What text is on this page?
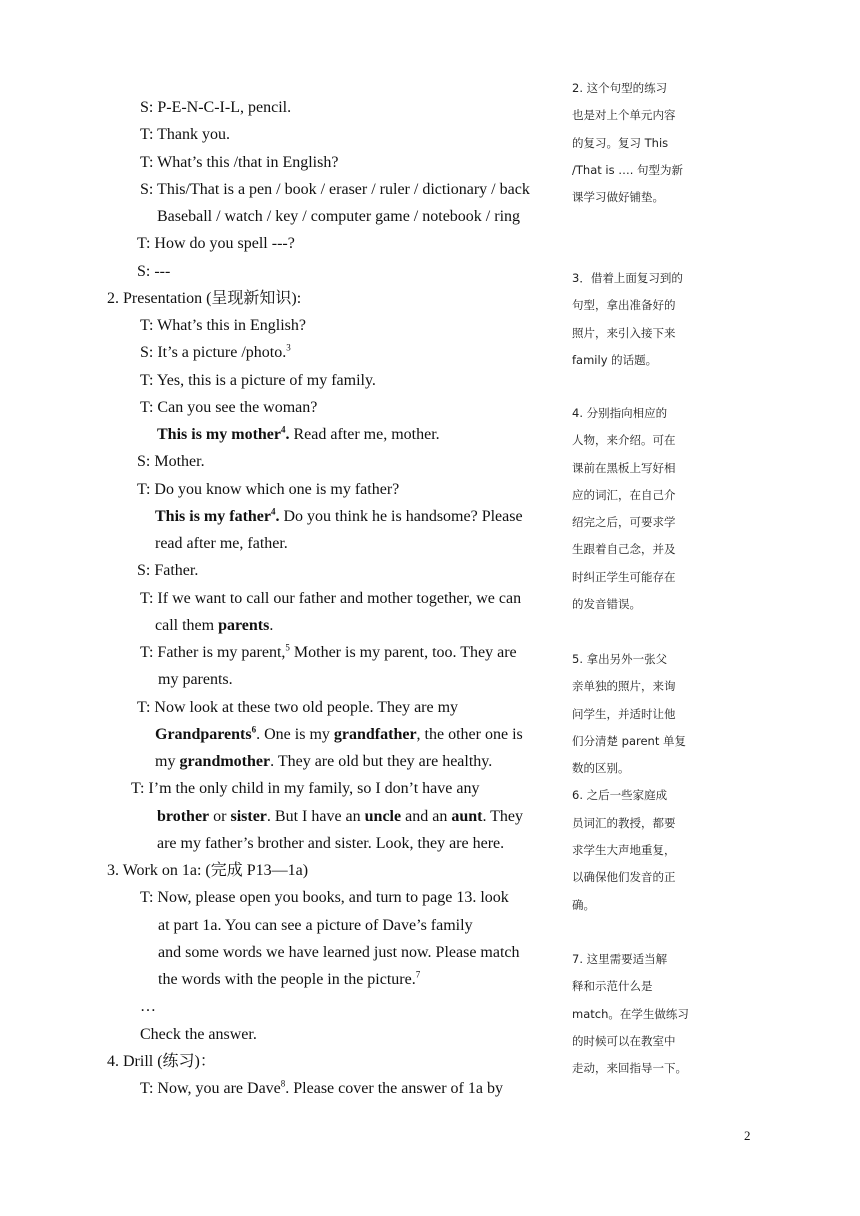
S: P-E-N-C-I-L, pencil.
T: Thank you.
T: What’s this /that in English?
S: This/That is a pen / book / eraser / ruler / dictionary / back
Baseball / watch / key / computer game / notebook / ring
T: How do you spell ---?
S: ---
2. Presentation (呈现新知识):
T: What’s this in English?
S: It’s a picture /photo.$^3$
T: Yes, this is a picture of my family.
T: Can you see the woman?
This is my mother$^4$. Read after me, mother.
S: Mother.
T: Do you know which one is my father?
This is my father$^4$. Do you think he is handsome? Please
read after me, father.
S: Father.
T: If we want to call our father and mother together, we can
call them parents.
T: Father is my parent,$^5$ Mother is my parent, too. They are
my parents.
T: Now look at these two old people. They are my
Grandparents$^6$. One is my grandfather, the other one is
my grandmother. They are old but they are healthy.
T: I’m the only child in my family, so I don’t have any
brother or sister. But I have an uncle and an aunt. They
are my father’s brother and sister. Look, they are here.
3. Work on 1a: (完成 P13—1a)
T: Now, please open you books, and turn to page 13. look
at part 1a. You can see a picture of Dave’s family
and some words we have learned just now. Please match
the words with the people in the picture.$^7$
…
Check the answer.
4. Drill (练习)：
T: Now, you are Dave$^8$. Please cover the answer of 1a by
2. 这个句型的练习
也是对上个单元内容
的复习。复习 This
/That is …. 句型为新
课学习做好铺垫。
3．借着上面复习到的
句型，拿出准备好的
照片，来引入接下来
family 的话题。
4. 分别指向相应的
人物，来介绍。可在
课前在黑板上写好相
应的词汇，在自己介
绍完之后，可要求学
生跟着自己念，并及
时纠正学生可能存在
的发音错误。
5. 拿出另外一张父
亲单独的照片，来询
问学生，并适时让他
们分清楚 parent 单复
数的区别。
6. 之后一些家庭成
员词汇的教授，都要
求学生大声地重复，
以确保他们发音的正
确。
7. 这里需要适当解
释和示范什么是
match。在学生做练习
的时候可以在教室中
走动，来回指导一下。
2
